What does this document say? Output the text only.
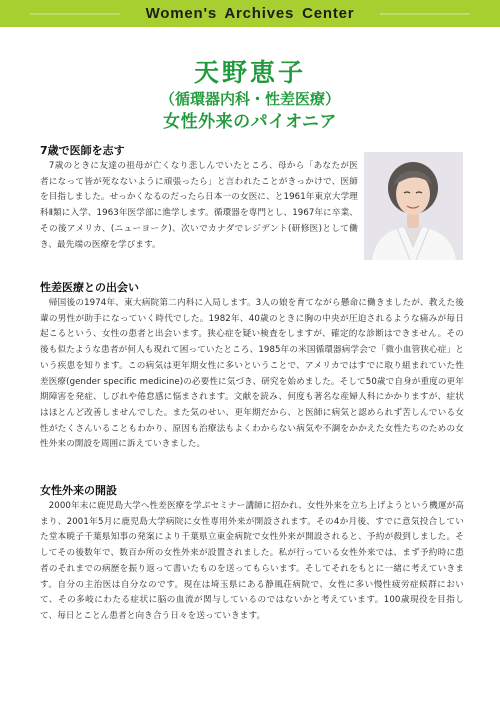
Women's Archives Center
天野恵子
（循環器内科・性差医療）
女性外来のパイオニア
7歳で医師を志す

　7歳のときに友達の祖母が亡くなり悲しんでいたところ、母から「あなたが医者になって皆が死なないように頑張ったら」と言われたことがきっかけで、医師を目指しました。せっかくなるのだったら日本一の女医に、と1961年東京大学理科Ⅱ類に入学、1963年医学部に進学します。循環器を専門とし、1967年に卒業、その後アメリカ、(ニューヨーク)、次いでカナダでレジデント(研修医)として働き、最先端の医療を学びます。

性差医療との出会い

　帰国後の1974年、東大病院第二内科に入局します。3人の娘を育てながら懸命に働きましたが、教えた後輩の男性が助手になっていく時代でした。1982年、40歳のときに胸の中央が圧迫されるような痛みが毎日起こるという、女性の患者と出会います。狭心症を疑い検査をしますが、確定的な診断はできません。その後も似たような患者が何人も現れて困っていたところ、1985年の米国循環器病学会で「微小血管狭心症」という疾患を知ります。この病気は更年期女性に多いということで、アメリカではすでに取り組まれていた性差医療(gender specific medicine)の必要性に気づき、研究を始めました。そして50歳で自身が重度の更年期障害を発症、しびれや倦怠感に悩まされます。文献を読み、何度も著名な産婦人科にかかりますが、症状はほとんど改善しませんでした。また気のせい、更年期だから、と医師に病気と認められず苦しんでいる女性がたくさんいることもわかり、原因も治療法もよくわからない病気や不調をかかえた女性たちのための女性外来の開設を周囲に訴えていきました。

女性外来の開設

　2000年末に鹿児島大学へ性差医療を学ぶセミナー講師に招かれ、女性外来を立ち上げようという機運が高まり、2001年5月に鹿児島大学病院に女性専用外来が開設されます。その4か月後、すでに意気投合していた堂本暁子千葉県知事の発案により千葉県立東金病院で女性外来が開設されると、予約が殺到しました。そしてその後数年で、数百か所の女性外来が設置されました。私が行っている女性外来では、まず予約時に患者のそれまでの病歴を振り返って書いたものを送ってもらいます。そしてそれをもとに一緒に考えていきます。自分の主治医は自分なのです。現在は埼玉県にある静風荘病院で、女性に多い慢性疲労症候群において、その多岐にわたる症状に脳の血流が関与しているのではないかと考えています。100歳現役を目指して、毎日とことん患者と向き合う日々を送っていきます。
